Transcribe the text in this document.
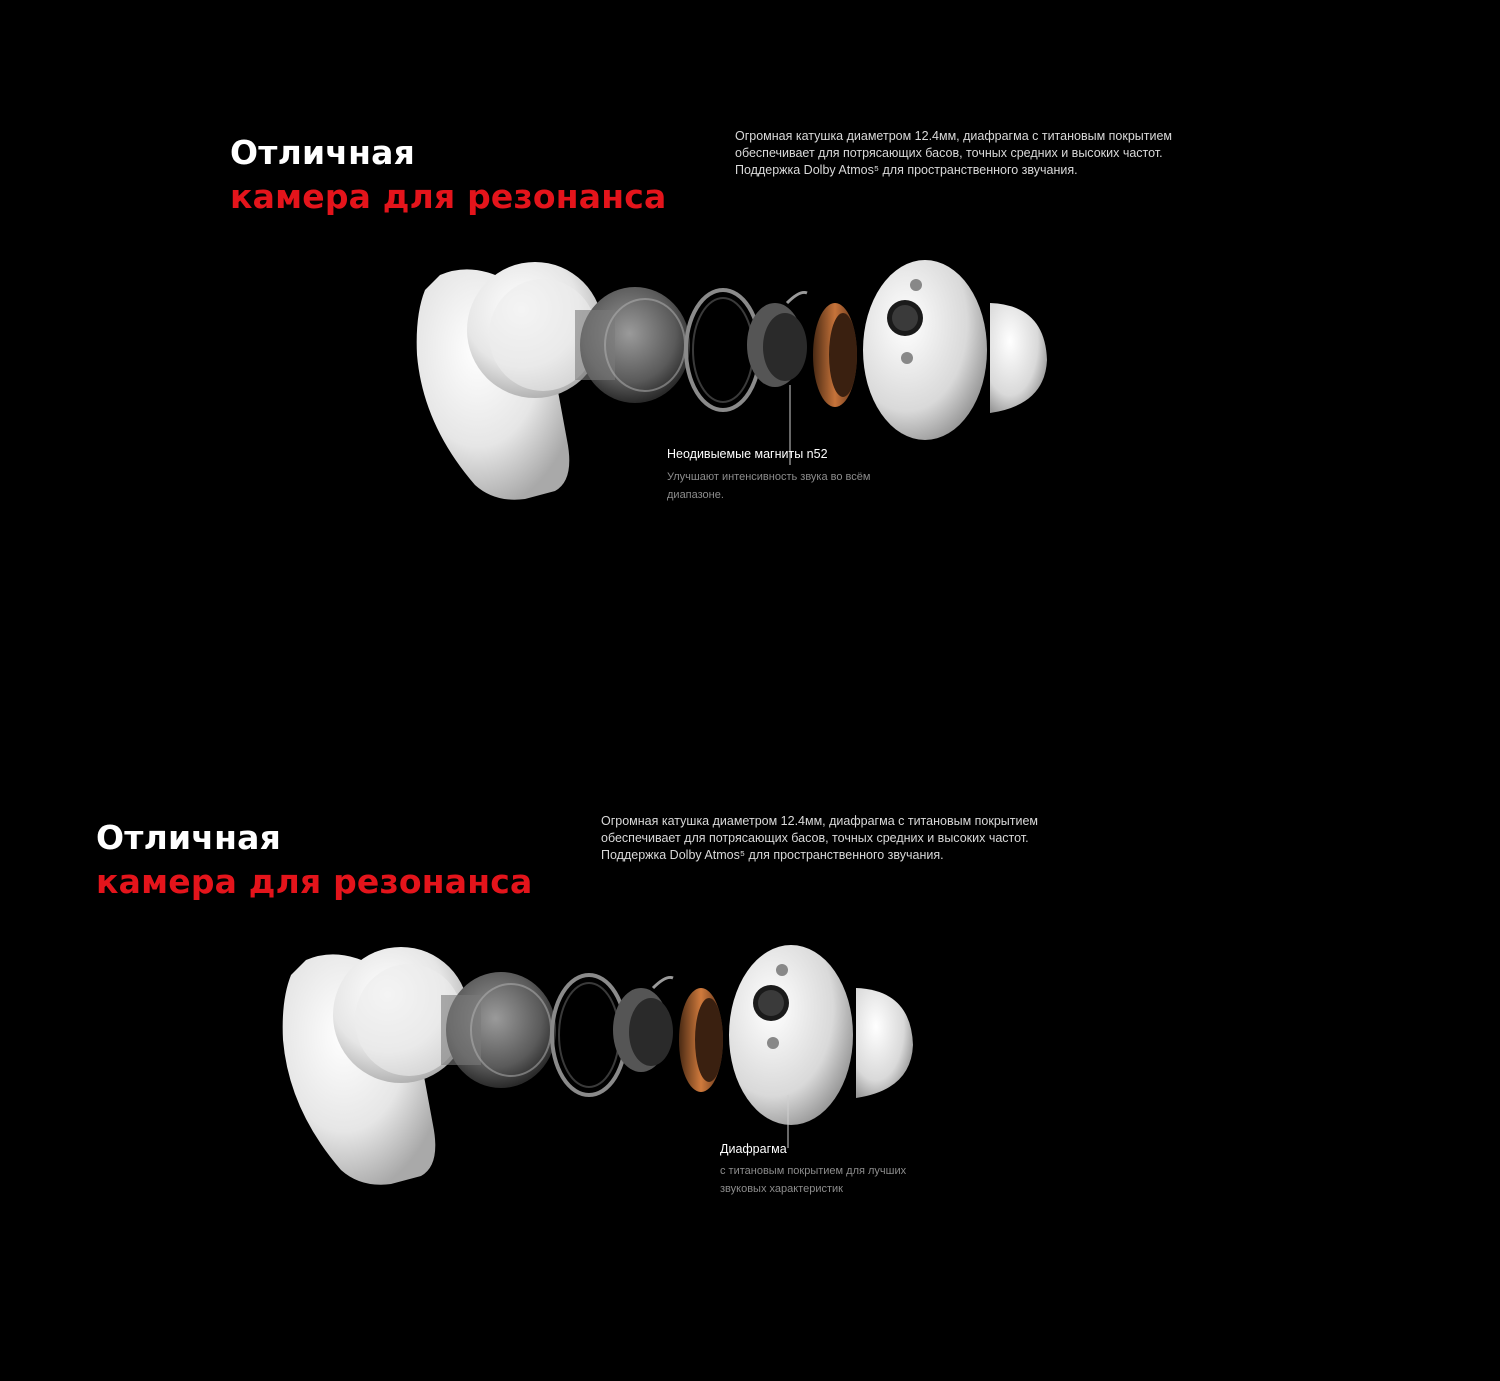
Отличная
камера для резонанса
Огромная катушка диаметром 12.4мм, диафрагма с титановым покрытием
обеспечивает для потрясающих басов, точных средних и высоких частот.
Поддержка Dolby Atmos⁵ для пространственного звучания.
Неодивыемые магниты n52
Улучшают интенсивность звука во всём
диапазоне.
Отличная
камера для резонанса
Огромная катушка диаметром 12.4мм, диафрагма с титановым покрытием
обеспечивает для потрясающих басов, точных средних и высоких частот.
Поддержка Dolby Atmos⁵ для пространственного звучания.
Диафрагма
с титановым покрытием для лучших
звуковых характеристик
